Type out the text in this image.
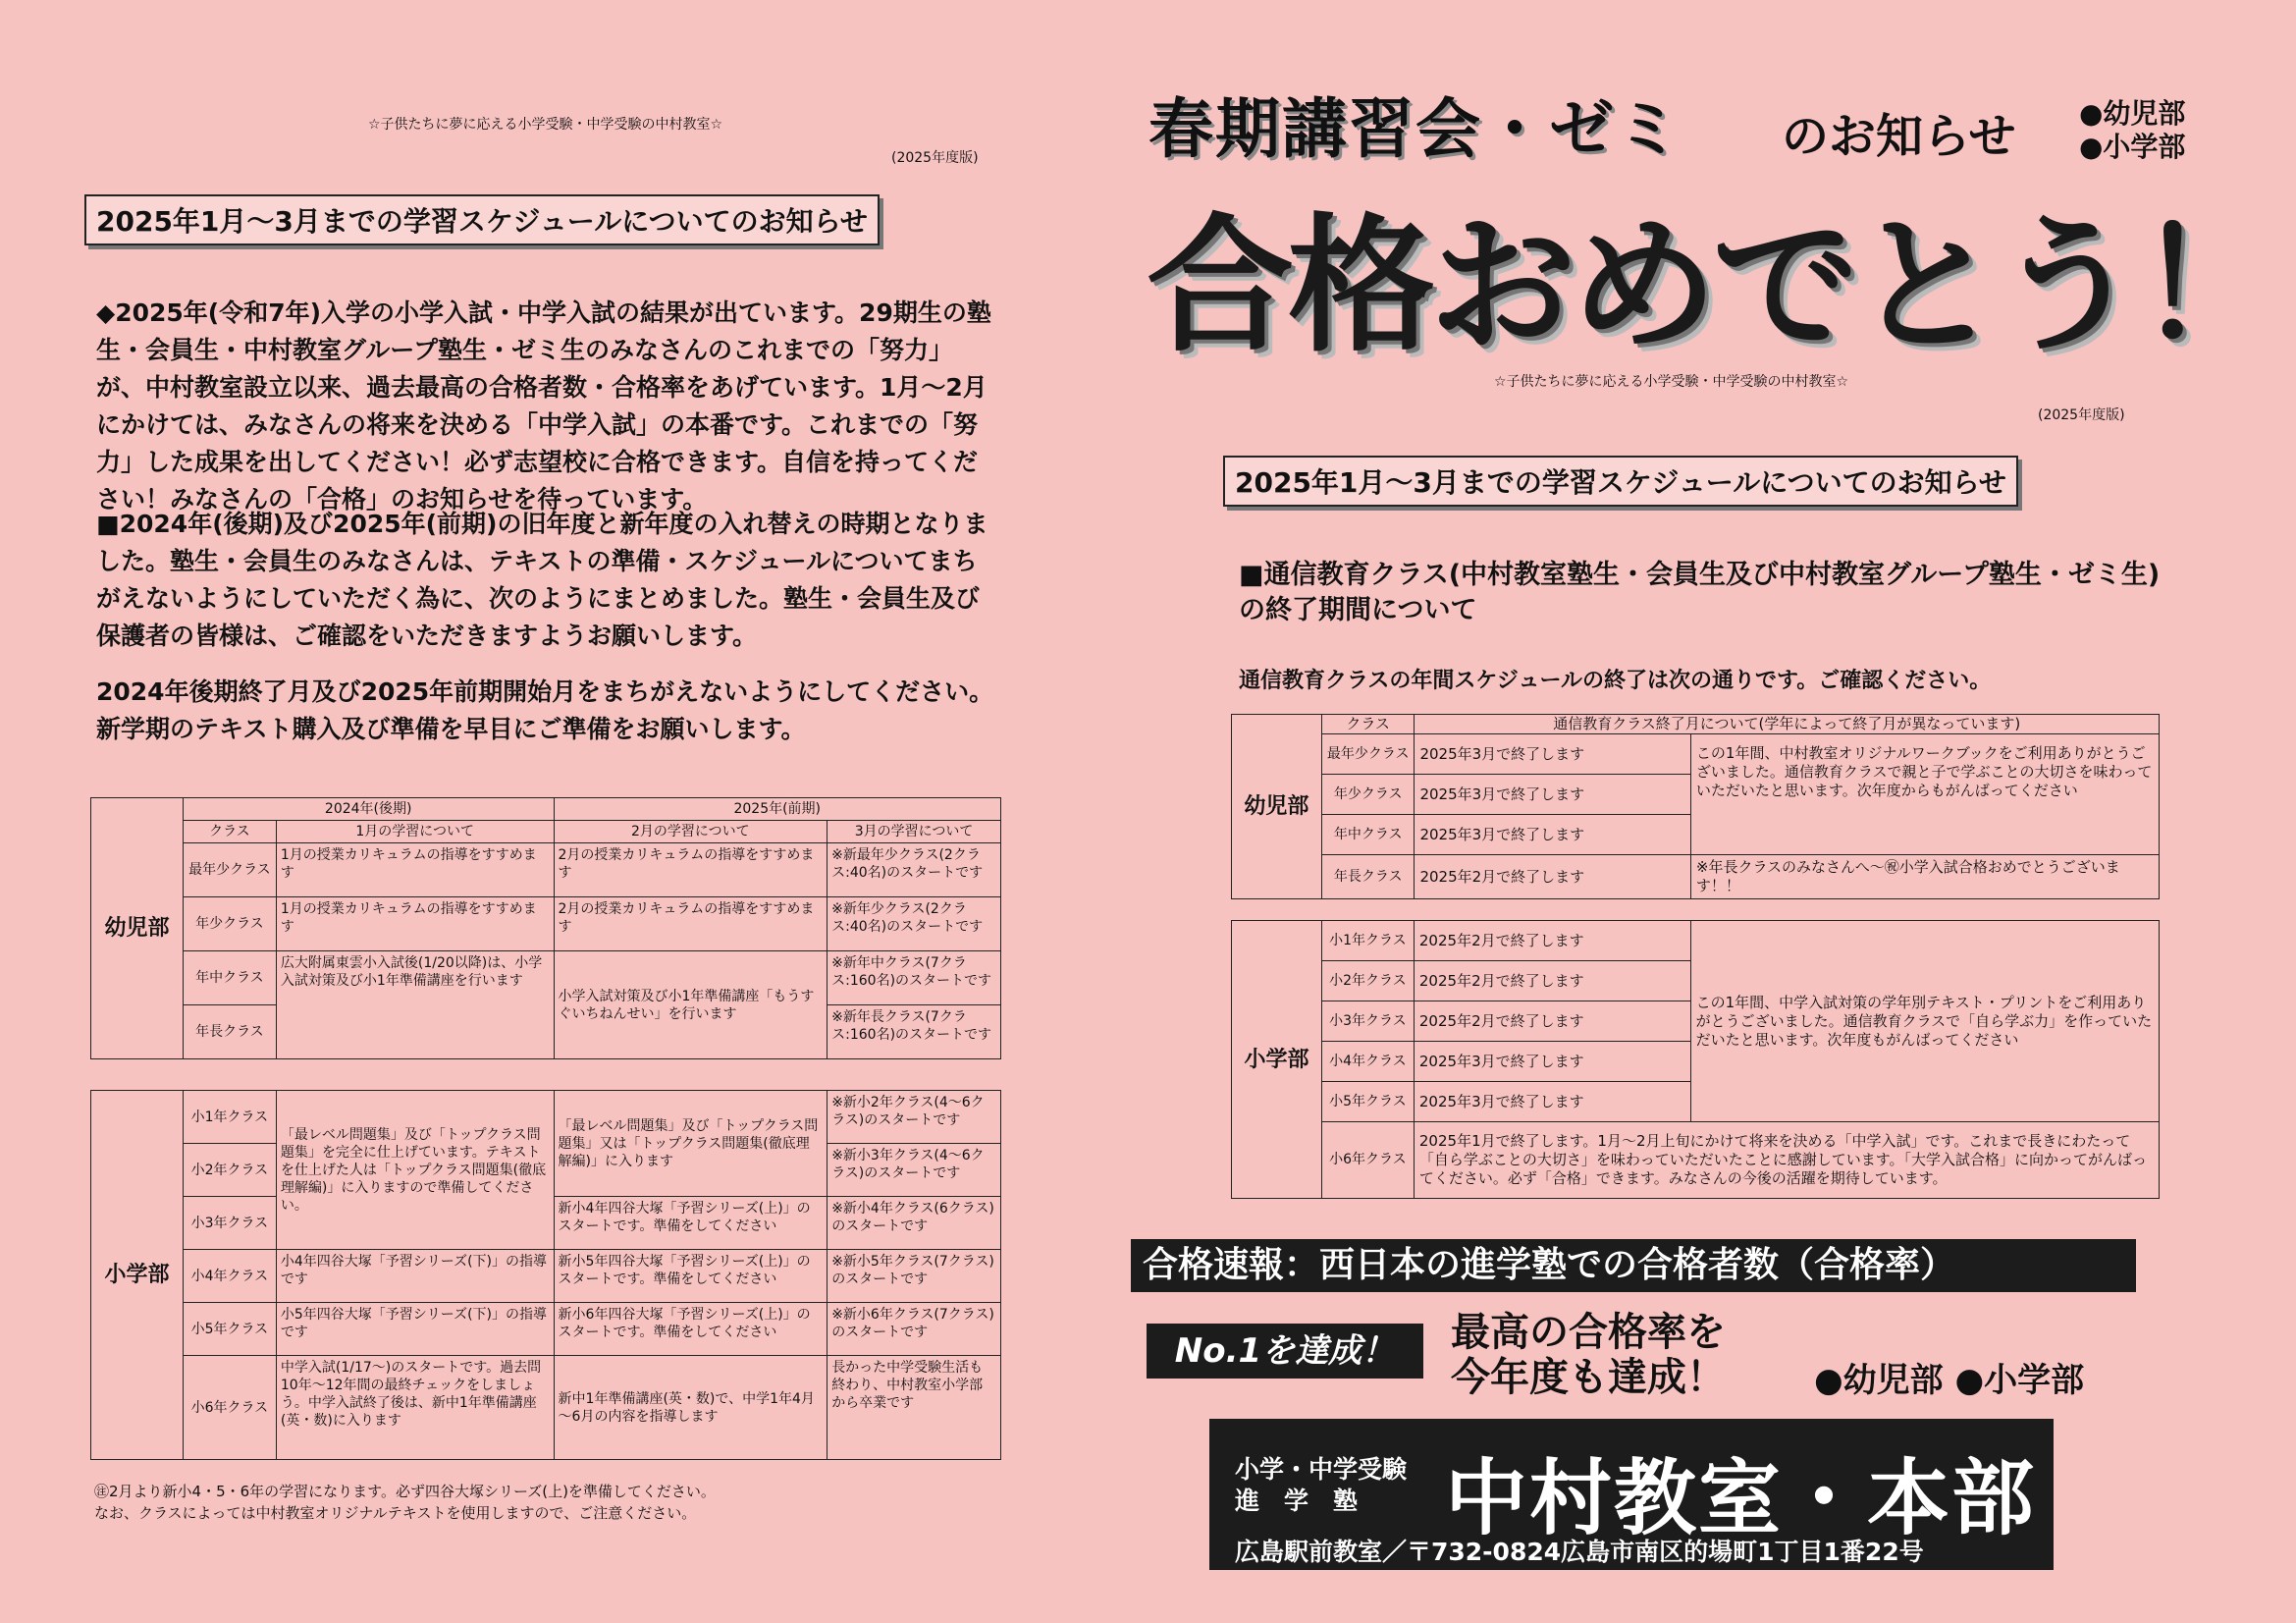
☆子供たちに夢に応える小学受験・中学受験の中村教室☆
(2025年度版)
2025年1月～3月までの学習スケジュールについてのお知らせ
◆2025年(令和7年)入学の小学入試・中学入試の結果が出ています。29期生の塾生・会員生・中村教室グループ塾生・ゼミ生のみなさんのこれまでの「努力」が、中村教室設立以来、過去最高の合格者数・合格率をあげています。1月～2月にかけては、みなさんの将来を決める「中学入試」の本番です。これまでの「努力」した成果を出してください！必ず志望校に合格できます。自信を持ってください！みなさんの「合格」のお知らせを待っています。
■2024年(後期)及び2025年(前期)の旧年度と新年度の入れ替えの時期となりました。塾生・会員生のみなさんは、テキストの準備・スケジュールについてまちがえないようにしていただく為に、次のようにまとめました。塾生・会員生及び保護者の皆様は、ご確認をいただきますようお願いします。
2024年後期終了月及び2025年前期開始月をまちがえないようにしてください。新学期のテキスト購入及び準備を早目にご準備をお願いします。
幼児部	2024年(後期)		2025年(前期)	
	クラス	1月の学習について	2月の学習について	3月の学習について
	最年少クラス	1月の授業カリキュラムの指導をすすめます	2月の授業カリキュラムの指導をすすめます	※新最年少クラス(2クラス:40名)のスタートです
	年少クラス	1月の授業カリキュラムの指導をすすめます	2月の授業カリキュラムの指導をすすめます	※新年少クラス(2クラス:40名)のスタートです
	年中クラス	広大附属東雲小入試後(1/20以降)は、小学入試対策及び小1年準備講座を行います	小学入試対策及び小1年準備講座「もうすぐいちねんせい」を行います	※新年中クラス(7クラス:160名)のスタートです
	年長クラス			※新年長クラス(7クラス:160名)のスタートです
小学部	小1年クラス	「最レベル問題集」及び「トップクラス問題集」を完全に仕上げています。テキストを仕上げた人は「トップクラス問題集(徹底理解編)」に入りますので準備してください。	「最レベル問題集」及び「トップクラス問題集」又は「トップクラス問題集(徹底理解編)」に入ります	※新小2年クラス(4～6クラス)のスタートです
	小2年クラス			※新小3年クラス(4～6クラス)のスタートです
	小3年クラス		新小4年四谷大塚「予習シリーズ(上)」のスタートです。準備をしてください	※新小4年クラス(6クラス)のスタートです
	小4年クラス	小4年四谷大塚「予習シリーズ(下)」の指導です	新小5年四谷大塚「予習シリーズ(上)」のスタートです。準備をしてください	※新小5年クラス(7クラス)のスタートです
	小5年クラス	小5年四谷大塚「予習シリーズ(下)」の指導です	新小6年四谷大塚「予習シリーズ(上)」のスタートです。準備をしてください	※新小6年クラス(7クラス)のスタートです
	小6年クラス	中学入試(1/17～)のスタートです。過去問10年～12年間の最終チェックをしましょう。中学入試終了後は、新中1年準備講座(英・数)に入ります	新中1年準備講座(英・数)で、中学1年4月～6月の内容を指導します	長かった中学受験生活も終わり、中村教室小学部から卒業です
㊟2月より新小4・5・6年の学習になります。必ず四谷大塚シリーズ(上)を準備してください。
なお、クラスによっては中村教室オリジナルテキストを使用しますので、ご注意ください。
春期講習会・ゼミ のお知らせ ●幼児部
●小学部
合格おめでとう！
☆子供たちに夢に応える小学受験・中学受験の中村教室☆
(2025年度版)
2025年1月～3月までの学習スケジュールについてのお知らせ
■通信教育クラス(中村教室塾生・会員生及び中村教室グループ塾生・ゼミ生)の終了期間について
通信教育クラスの年間スケジュールの終了は次の通りです。ご確認ください。
幼児部	クラス	通信教育クラス終了月について(学年によって終了月が異なっています)	
	最年少クラス	2025年3月で終了します	この1年間、中村教室オリジナルワークブックをご利用ありがとうございました。通信教育クラスで親と子で学ぶことの大切さを味わっていただいたと思います。次年度からもがんばってください
	年少クラス	2025年3月で終了します	
	年中クラス	2025年3月で終了します	
	年長クラス	2025年2月で終了します	※年長クラスのみなさんへ～㊗小学入試合格おめでとうございます！！
小学部	小1年クラス	2025年2月で終了します	この1年間、中学入試対策の学年別テキスト・プリントをご利用ありがとうございました。通信教育クラスで「自ら学ぶ力」を作っていただいたと思います。次年度もがんばってください
	小2年クラス	2025年2月で終了します	
	小3年クラス	2025年2月で終了します	
	小4年クラス	2025年3月で終了します	
	小5年クラス	2025年3月で終了します	
	小6年クラス	2025年1月で終了します。1月～2月上旬にかけて将来を決める「中学入試」です。これまで長きにわたって「自ら学ぶことの大切さ」を味わっていただいたことに感謝しています。「大学入試合格」に向かってがんばってください。必ず「合格」できます。みなさんの今後の活躍を期待しています。	
合格速報：西日本の進学塾での合格者数（合格率）
No.1を達成！	最高の合格率を
今年度も達成！	●幼児部 ●小学部
小学・中学受験
進　学　塾 中村教室・本部
広島駅前教室／〒732-0824広島市南区的場町1丁目1番22号
